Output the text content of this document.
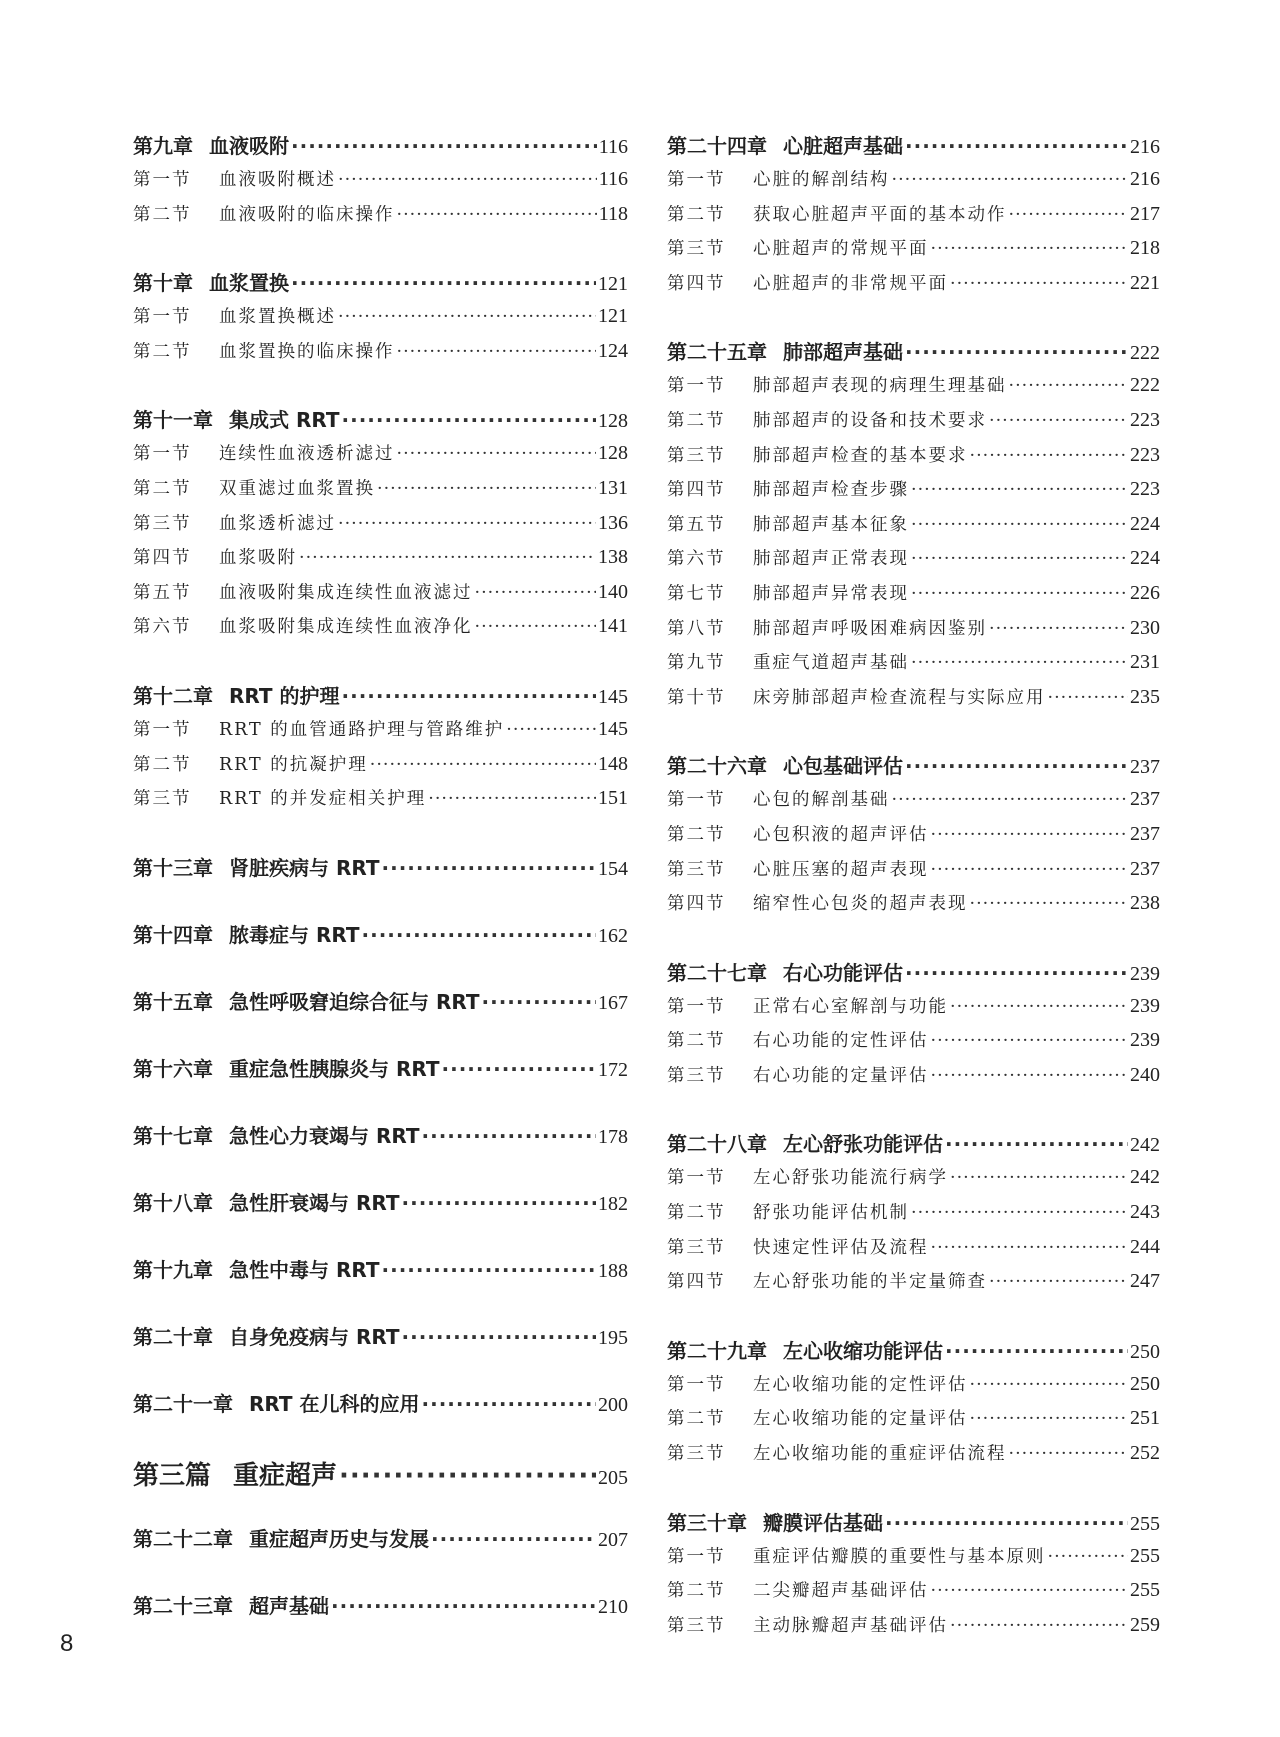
第九章 血液吸附 ·····	116
第一节	血液吸附概述 ·····	116
第二节	血液吸附的临床操作 ·····	118
第十章 血浆置换 ·····	121
第一节	血浆置换概述 ·····	121
第二节	血浆置换的临床操作 ·····	124
第十一章 集成式 RRT ·····	128
第一节	连续性血液透析滤过 ·····	128
第二节	双重滤过血浆置换 ·····	131
第三节	血浆透析滤过 ·····	136
第四节	血浆吸附 ·····	138
第五节	血液吸附集成连续性血液滤过 ·····	140
第六节	血浆吸附集成连续性血液净化 ·····	141
第十二章 RRT 的护理 ·····	145
第一节	RRT 的血管通路护理与管路维护 ·····	145
第二节	RRT 的抗凝护理 ·····	148
第三节	RRT 的并发症相关护理 ·····	151
第十三章 肾脏疾病与 RRT ·····	154
第十四章 脓毒症与 RRT ·····	162
第十五章 急性呼吸窘迫综合征与 RRT ·····	167
第十六章 重症急性胰腺炎与 RRT ·····	172
第十七章 急性心力衰竭与 RRT ·····	178
第十八章 急性肝衰竭与 RRT ·····	182
第十九章 急性中毒与 RRT ·····	188
第二十章 自身免疫病与 RRT ·····	195
第二十一章 RRT 在儿科的应用 ·····	200
第三篇 重症超声 ·····	205
第二十二章 重症超声历史与发展 ·····	207
第二十三章 超声基础 ·····	210
第二十四章 心脏超声基础 ·····	216
第一节	心脏的解剖结构 ·····	216
第二节	获取心脏超声平面的基本动作 ·····	217
第三节	心脏超声的常规平面 ·····	218
第四节	心脏超声的非常规平面 ·····	221
第二十五章 肺部超声基础 ·····	222
第一节	肺部超声表现的病理生理基础 ·····	222
第二节	肺部超声的设备和技术要求 ·····	223
第三节	肺部超声检查的基本要求 ·····	223
第四节	肺部超声检查步骤 ·····	223
第五节	肺部超声基本征象 ·····	224
第六节	肺部超声正常表现 ·····	224
第七节	肺部超声异常表现 ·····	226
第八节	肺部超声呼吸困难病因鉴别 ·····	230
第九节	重症气道超声基础 ·····	231
第十节	床旁肺部超声检查流程与实际应用 ·····	235
第二十六章 心包基础评估 ·····	237
第一节	心包的解剖基础 ·····	237
第二节	心包积液的超声评估 ·····	237
第三节	心脏压塞的超声表现 ·····	237
第四节	缩窄性心包炎的超声表现 ·····	238
第二十七章 右心功能评估 ·····	239
第一节	正常右心室解剖与功能 ·····	239
第二节	右心功能的定性评估 ·····	239
第三节	右心功能的定量评估 ·····	240
第二十八章 左心舒张功能评估 ·····	242
第一节	左心舒张功能流行病学 ·····	242
第二节	舒张功能评估机制 ·····	243
第三节	快速定性评估及流程 ·····	244
第四节	左心舒张功能的半定量筛查 ·····	247
第二十九章 左心收缩功能评估 ·····	250
第一节	左心收缩功能的定性评估 ·····	250
第二节	左心收缩功能的定量评估 ·····	251
第三节	左心收缩功能的重症评估流程 ·····	252
第三十章 瓣膜评估基础 ·····	255
第一节	重症评估瓣膜的重要性与基本原则 ·····	255
第二节	二尖瓣超声基础评估 ·····	255
第三节	主动脉瓣超声基础评估 ·····	259
8
